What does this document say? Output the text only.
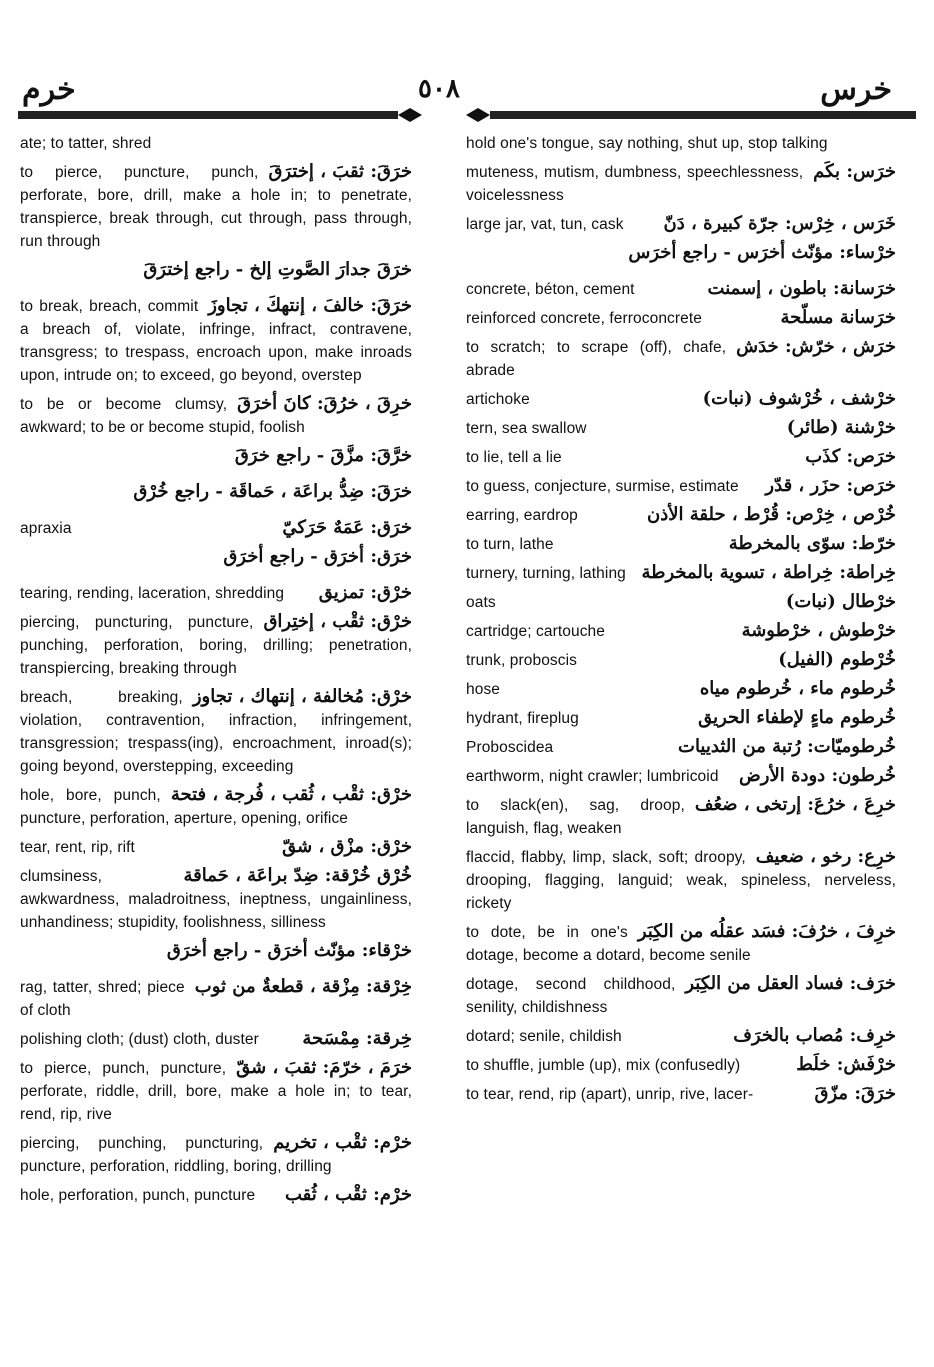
خرم	٥٠٨	خرس
ate; to tatter, shred
خرَقَ: ثقبَ ، إخترَقَ
to pierce, puncture, punch, perforate, bore, drill, make a hole in; to penetrate, transpierce, break through, cut through, pass through, run through
خرَقَ جدارَ الصَّوتِ إلخ - راجع إخترَقَ
خرَقَ: خالفَ ، إنتهكَ ، تجاوزَ
to break, breach, commit a breach of, violate, infringe, infract, contravene, transgress; to trespass, encroach upon, make inroads upon, intrude on; to exceed, go beyond, overstep
خرِقَ ، خرُقَ: كانَ أخرَقَ
to be or become clumsy, awkward; to be or become stupid, foolish
خرَّقَ: مزَّقَ - راجع خرَقَ
خرَقَ: ضِدُّ براعَة ، حَماقَة - راجع خُرْق
خرَق: عَمَهٌ حَرَكيّ
apraxia
خرَق: أخرَق - راجع أخرَق
خرْق: تمزيق
tearing, rending, laceration, shredding
خرْق: ثقْب ، إختِراق
piercing, puncturing, puncture, punching, perforation, boring, drilling; penetration, transpiercing, breaking through
خرْق: مُخالفة ، إنتهاك ، تجاوز
breach, breaking, violation, contravention, infraction, infringement, transgression; trespass(ing), encroachment, inroad(s); going beyond, overstepping, exceeding
خرْق: ثقْب ، ثُقب ، فُرجة ، فتحة
hole, bore, punch, puncture, perforation, aperture, opening, orifice
خرْق: مزْق ، شقّ
tear, rent, rip, rift
خُرْق خُرْقة: ضِدّ براعَة ، حَماقة
clumsiness, awkwardness, maladroitness, ineptness, ungainliness, unhandiness; stupidity, foolishness, silliness
خرْقاء: مؤنّث أخرَق - راجع أخرَق
خِرْقة: مِزْقة ، قطعةٌ من ثوب
rag, tatter, shred; piece of cloth
خِرقة: مِمْسَحة
polishing cloth; (dust) cloth, duster
خرَمَ ، خرّمَ: ثقبَ ، شقّ
to pierce, punch, puncture, perforate, riddle, drill, bore, make a hole in; to tear, rend, rip, rive
خرْم: ثقْب ، تخريم
piercing, punching, puncturing, puncture, perforation, riddling, boring, drilling
خرْم: ثقْب ، ثُقب
hole, perforation, punch, puncture
hold one's tongue, say nothing, shut up, stop talking
خرَس: بكَم
muteness, mutism, dumbness, speechlessness, voicelessness
خَرَس ، خِرْس: جرّة كبيرة ، دَنّ
large jar, vat, tun, cask
خرْساء: مؤنّث أخرَس - راجع أخرَس
خرَسانة: باطون ، إسمنت
concrete, béton, cement
خرَسانة مسلّحة
reinforced concrete, ferroconcrete
خرَش ، خرّش: خدَش
to scratch; to scrape (off), chafe, abrade
خرْشف ، خُرْشوف (نبات)
artichoke
خرْشنة (طائر)
tern, sea swallow
خرَص: كذَب
to lie, tell a lie
خرَص: حزَر ، قدّر
to guess, conjecture, surmise, estimate
خُرْص ، خِرْص: قُرْط ، حلقة الأذن
earring, eardrop
خرّط: سوّى بالمخرطة
to turn, lathe
خِراطة: خِراطة ، تسوية بالمخرطة
turnery, turning, lathing
خرْطال (نبات)
oats
خرْطوش ، خرْطوشة
cartridge; cartouche
خُرْطوم (الفيل)
trunk, proboscis
خُرطوم ماء ، خُرطوم مياه
hose
خُرطوم ماءٍ لإطفاء الحريق
hydrant, fireplug
خُرطوميّات: رُتبة من الثدييات
Proboscidea
خُرطون: دودة الأرض
earthworm, night crawler; lumbricoid
خرِعَ ، خرُعَ: إرتخى ، ضعُف
to slack(en), sag, droop, languish, flag, weaken
خرِع: رخو ، ضعيف
flaccid, flabby, limp, slack, soft; droopy, drooping, flagging, languid; weak, spineless, nerveless, rickety
خرِفَ ، خرُفَ: فسَد عقلُه من الكِبَر
to dote, be in one's dotage, become a dotard, become senile
خرَف: فساد العقل من الكِبَر
dotage, second childhood, senility, childishness
خرِف: مُصاب بالخرَف
dotard; senile, childish
خرْفَش: خلَط
to shuffle, jumble (up), mix (confusedly)
خرَقَ: مزّقَ
to tear, rend, rip (apart), unrip, rive, lacer-
